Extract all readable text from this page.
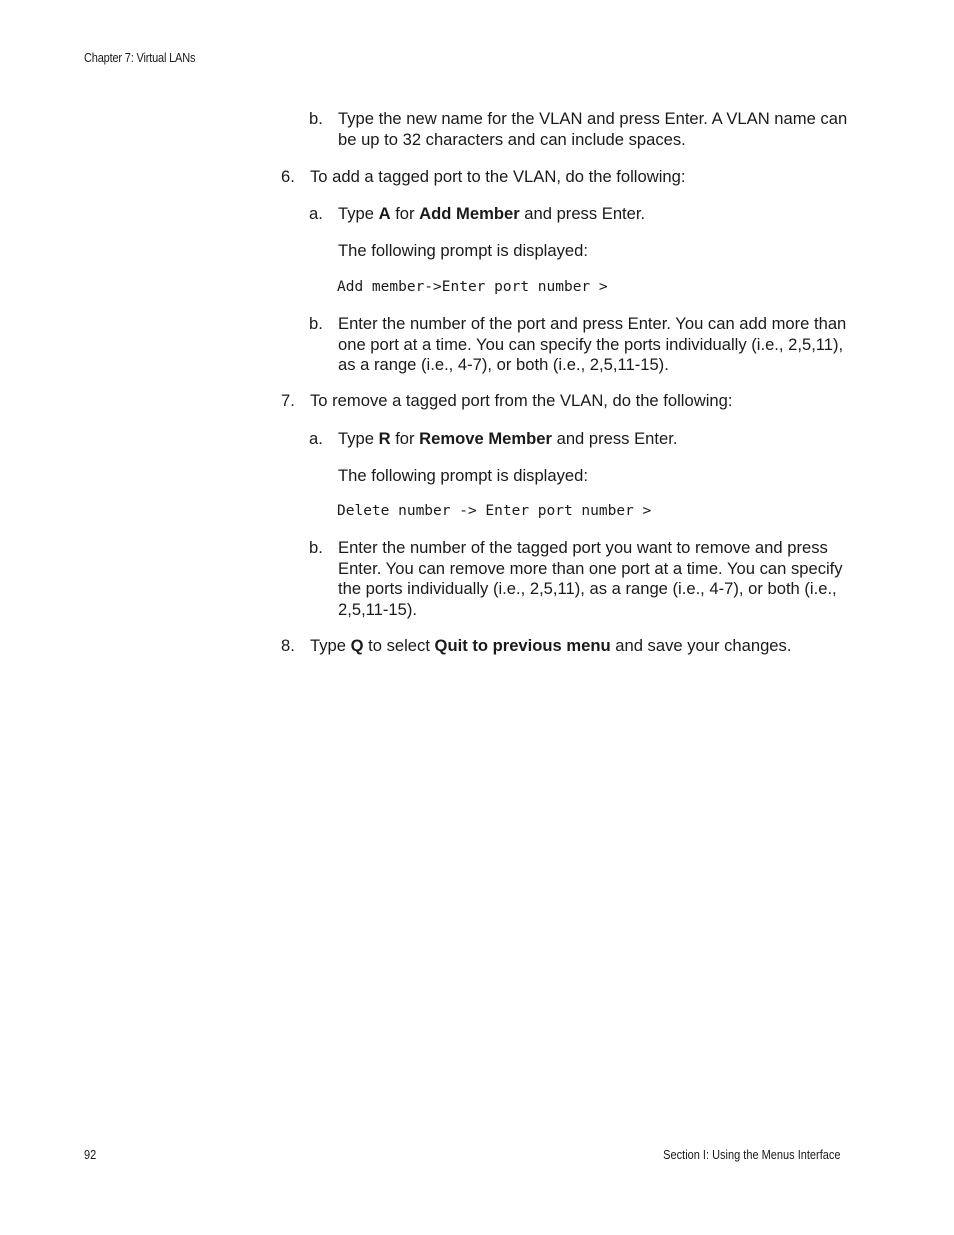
Chapter 7: Virtual LANs
b. Type the new name for the VLAN and press Enter. A VLAN name can be up to 32 characters and can include spaces.
6. To add a tagged port to the VLAN, do the following:
a. Type A for Add Member and press Enter.
The following prompt is displayed:
Add member->Enter port number >
b. Enter the number of the port and press Enter. You can add more than one port at a time. You can specify the ports individually (i.e., 2,5,11), as a range (i.e., 4-7), or both (i.e., 2,5,11-15).
7. To remove a tagged port from the VLAN, do the following:
a. Type R for Remove Member and press Enter.
The following prompt is displayed:
Delete number -> Enter port number >
b. Enter the number of the tagged port you want to remove and press Enter. You can remove more than one port at a time. You can specify the ports individually (i.e., 2,5,11), as a range (i.e., 4-7), or both (i.e., 2,5,11-15).
8. Type Q to select Quit to previous menu and save your changes.
92	Section I: Using the Menus Interface
